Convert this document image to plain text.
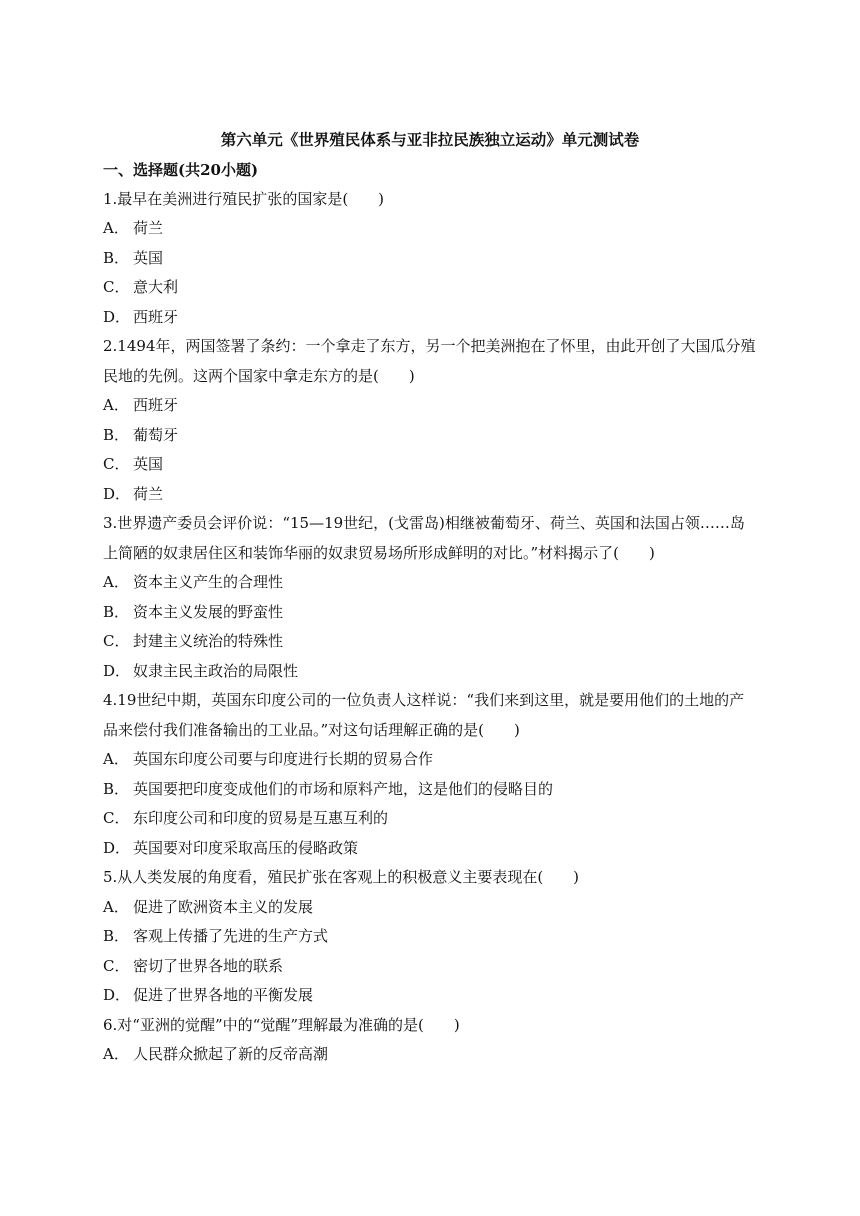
第六单元《世界殖民体系与亚非拉民族独立运动》单元测试卷
一、选择题(共20小题)
1.最早在美洲进行殖民扩张的国家是(　　)
A． 荷兰
B． 英国
C． 意大利
D． 西班牙
2.1494年，两国签署了条约：一个拿走了东方，另一个把美洲抱在了怀里，由此开创了大国瓜分殖
民地的先例。这两个国家中拿走东方的是(　　)
A． 西班牙
B． 葡萄牙
C． 英国
D． 荷兰
3.世界遗产委员会评价说：“15—19世纪，(戈雷岛)相继被葡萄牙、荷兰、英国和法国占领……岛
上简陋的奴隶居住区和装饰华丽的奴隶贸易场所形成鲜明的对比。”材料揭示了(　　)
A． 资本主义产生的合理性
B． 资本主义发展的野蛮性
C． 封建主义统治的特殊性
D． 奴隶主民主政治的局限性
4.19世纪中期，英国东印度公司的一位负责人这样说：“我们来到这里，就是要用他们的土地的产
品来偿付我们准备输出的工业品。”对这句话理解正确的是(　　)
A． 英国东印度公司要与印度进行长期的贸易合作
B． 英国要把印度变成他们的市场和原料产地，这是他们的侵略目的
C． 东印度公司和印度的贸易是互惠互利的
D． 英国要对印度采取高压的侵略政策
5.从人类发展的角度看，殖民扩张在客观上的积极意义主要表现在(　　)
A． 促进了欧洲资本主义的发展
B． 客观上传播了先进的生产方式
C． 密切了世界各地的联系
D． 促进了世界各地的平衡发展
6.对“亚洲的觉醒”中的“觉醒”理解最为准确的是(　　)
A． 人民群众掀起了新的反帝高潮
